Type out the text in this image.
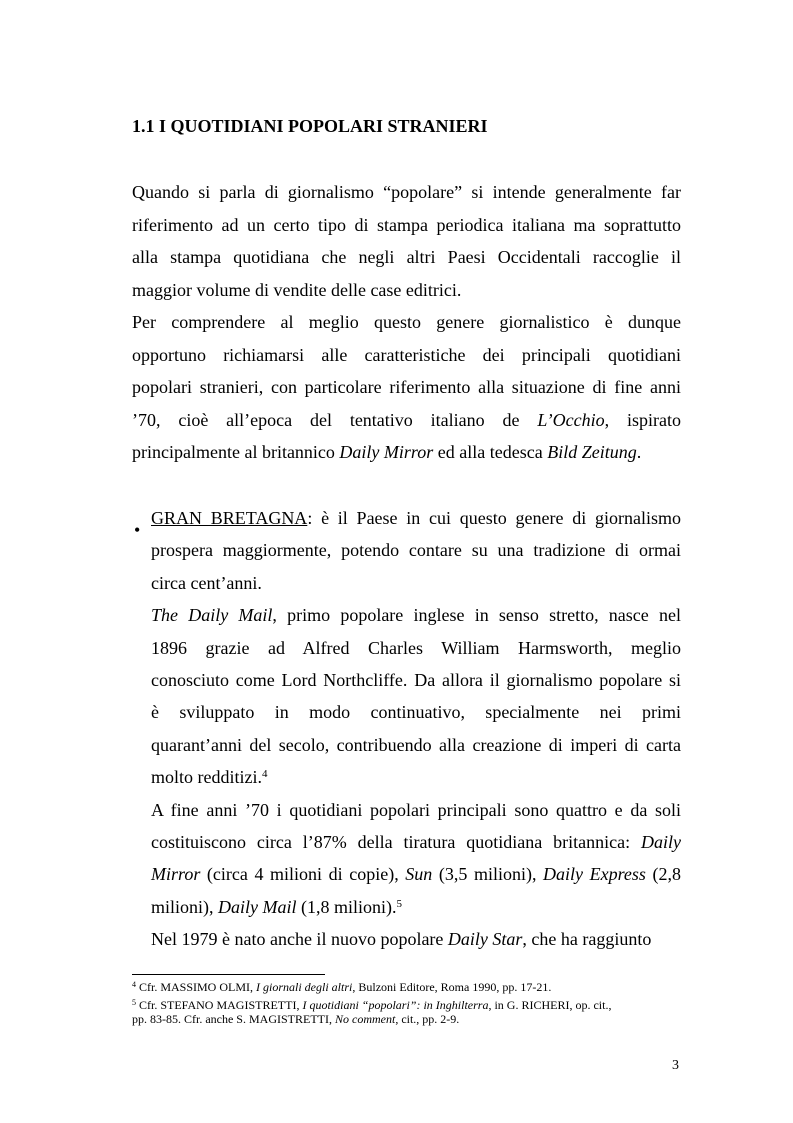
1.1 I QUOTIDIANI POPOLARI STRANIERI
Quando si parla di giornalismo “popolare” si intende generalmente far
riferimento ad un certo tipo di stampa periodica italiana ma soprattutto
alla stampa quotidiana che negli altri Paesi Occidentali raccoglie il
maggior volume di vendite delle case editrici.
Per comprendere al meglio questo genere giornalistico è dunque
opportuno richiamarsi alle caratteristiche dei principali quotidiani
popolari stranieri, con particolare riferimento alla situazione di fine anni
’70, cioè all’epoca del tentativo italiano de L’Occhio, ispirato
principalmente al britannico Daily Mirror ed alla tedesca Bild Zeitung.
•
GRAN BRETAGNA: è il Paese in cui questo genere di giornalismo
prospera maggiormente, potendo contare su una tradizione di ormai
circa cent’anni.
The Daily Mail, primo popolare inglese in senso stretto, nasce nel
1896 grazie ad Alfred Charles William Harmsworth, meglio
conosciuto come Lord Northcliffe. Da allora il giornalismo popolare si
è sviluppato in modo continuativo, specialmente nei primi
quarant’anni del secolo, contribuendo alla creazione di imperi di carta
molto redditizi.$^4$
A fine anni ’70 i quotidiani popolari principali sono quattro e da soli
costituiscono circa l’87% della tiratura quotidiana britannica: Daily
Mirror (circa 4 milioni di copie), Sun (3,5 milioni), Daily Express (2,8
milioni), Daily Mail (1,8 milioni).$^5$
Nel 1979 è nato anche il nuovo popolare Daily Star, che ha raggiunto
$^4$ Cfr. MASSIMO OLMI, I giornali degli altri, Bulzoni Editore, Roma 1990, pp. 17-21.
$^5$ Cfr. STEFANO MAGISTRETTI, I quotidiani “popolari”: in Inghilterra, in G. RICHERI, op. cit.,
pp. 83-85. Cfr. anche S. MAGISTRETTI, No comment, cit., pp. 2-9.
3
